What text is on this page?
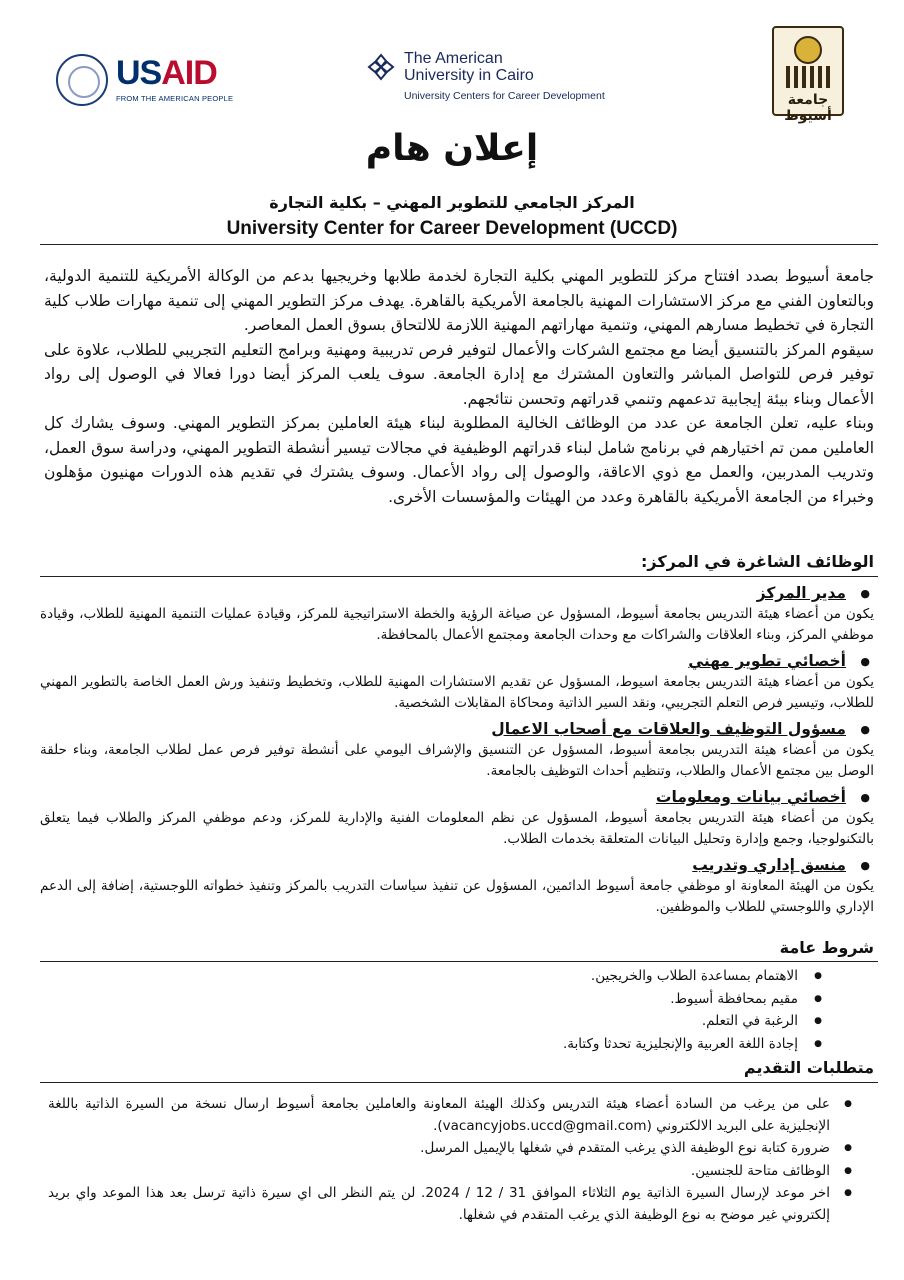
USAID
FROM THE AMERICAN PEOPLE
The American
University in Cairo
University Centers for Career Development	جامعة أسيوط
إعلان هام
المركز الجامعي للتطوير المهني – بكلية التجارة
University Center for Career Development (UCCD)

جامعة أسيوط بصدد افتتاح مركز للتطوير المهني بكلية التجارة لخدمة طلابها وخريجيها بدعم من الوكالة الأمريكية للتنمية الدولية، وبالتعاون الفني مع مركز الاستشارات المهنية بالجامعة الأمريكية بالقاهرة. يهدف مركز التطوير المهني إلى تنمية مهارات طلاب كلية التجارة في تخطيط مسارهم المهني، وتنمية مهاراتهم المهنية اللازمة للالتحاق بسوق العمل المعاصر.

سيقوم المركز بالتنسيق أيضا مع مجتمع الشركات والأعمال لتوفير فرص تدريبية ومهنية وبرامج التعليم التجريبي للطلاب، علاوة على توفير فرص للتواصل المباشر والتعاون المشترك مع إدارة الجامعة. سوف يلعب المركز أيضا دورا فعالا في الوصول إلى رواد الأعمال وبناء بيئة إيجابية تدعمهم وتنمي قدراتهم وتحسن نتائجهم.

وبناء عليه، تعلن الجامعة عن عدد من الوظائف الخالية المطلوبة لبناء هيئة العاملين بمركز التطوير المهني. وسوف يشارك كل العاملين ممن تم اختيارهم في برنامج شامل لبناء قدراتهم الوظيفية في مجالات تيسير أنشطة التطوير المهني، ودراسة سوق العمل، وتدريب المدربين، والعمل مع ذوي الاعاقة، والوصول إلى رواد الأعمال. وسوف يشترك في تقديم هذه الدورات مهنيون مؤهلون وخبراء من الجامعة الأمريكية بالقاهرة وعدد من الهيئات والمؤسسات الأخرى.

الوظائف الشاغرة في المركز:
● مدير المركز
يكون من أعضاء هيئة التدريس بجامعة أسيوط، المسؤول عن صياغة الرؤية والخطة الاستراتيجية للمركز، وقيادة عمليات التنمية المهنية للطلاب، وقيادة موظفي المركز، وبناء العلاقات والشراكات مع وحدات الجامعة ومجتمع الأعمال بالمحافظة.
● أخصائي تطوير مهني
يكون من أعضاء هيئة التدريس بجامعة اسيوط، المسؤول عن تقديم الاستشارات المهنية للطلاب، وتخطيط وتنفيذ ورش العمل الخاصة بالتطوير المهني للطلاب، وتيسير فرص التعلم التجريبي، ونقد السير الذاتية ومحاكاة المقابلات الشخصية.
● مسؤول التوظيف والعلاقات مع أصحاب الاعمال
يكون من أعضاء هيئة التدريس بجامعة أسيوط، المسؤول عن التنسيق والإشراف اليومي على أنشطة توفير فرص عمل لطلاب الجامعة، وبناء حلقة الوصل بين مجتمع الأعمال والطلاب، وتنظيم أحداث التوظيف بالجامعة.
● أخصائي بيانات ومعلومات
يكون من أعضاء هيئة التدريس بجامعة أسيوط، المسؤول عن نظم المعلومات الفنية والإدارية للمركز، ودعم موظفي المركز والطلاب فيما يتعلق بالتكنولوجيا، وجمع وإدارة وتحليل البيانات المتعلقة بخدمات الطلاب.
● منسق إداري وتدريب
يكون من الهيئة المعاونة او موظفي جامعة أسيوط الدائمين، المسؤول عن تنفيذ سياسات التدريب بالمركز وتنفيذ خطواته اللوجستية، إضافة إلى الدعم الإداري واللوجستي للطلاب والموظفين.
شروط عامة
● الاهتمام بمساعدة الطلاب والخريجين.
● مقيم بمحافظة أسيوط.
● الرغبة في التعلم.
● إجادة اللغة العربية والإنجليزية تحدثا وكتابة.
متطلبات التقديم
● على من يرغب من السادة أعضاء هيئة التدريس وكذلك الهيئة المعاونة والعاملين بجامعة أسيوط ارسال نسخة من السيرة الذاتية باللغة الإنجليزية على البريد الالكتروني (vacancyjobs.uccd@gmail.com).
● ضرورة كتابة نوع الوظيفة الذي يرغب المتقدم في شغلها بالإيميل المرسل.
● الوظائف متاحة للجنسين.
● اخر موعد لإرسال السيرة الذاتية يوم الثلاثاء الموافق 31 / 12 / 2024. لن يتم النظر الى اي سيرة ذاتية ترسل بعد هذا الموعد واي بريد إلكتروني غير موضح به نوع الوظيفة الذي يرغب المتقدم في شغلها.
